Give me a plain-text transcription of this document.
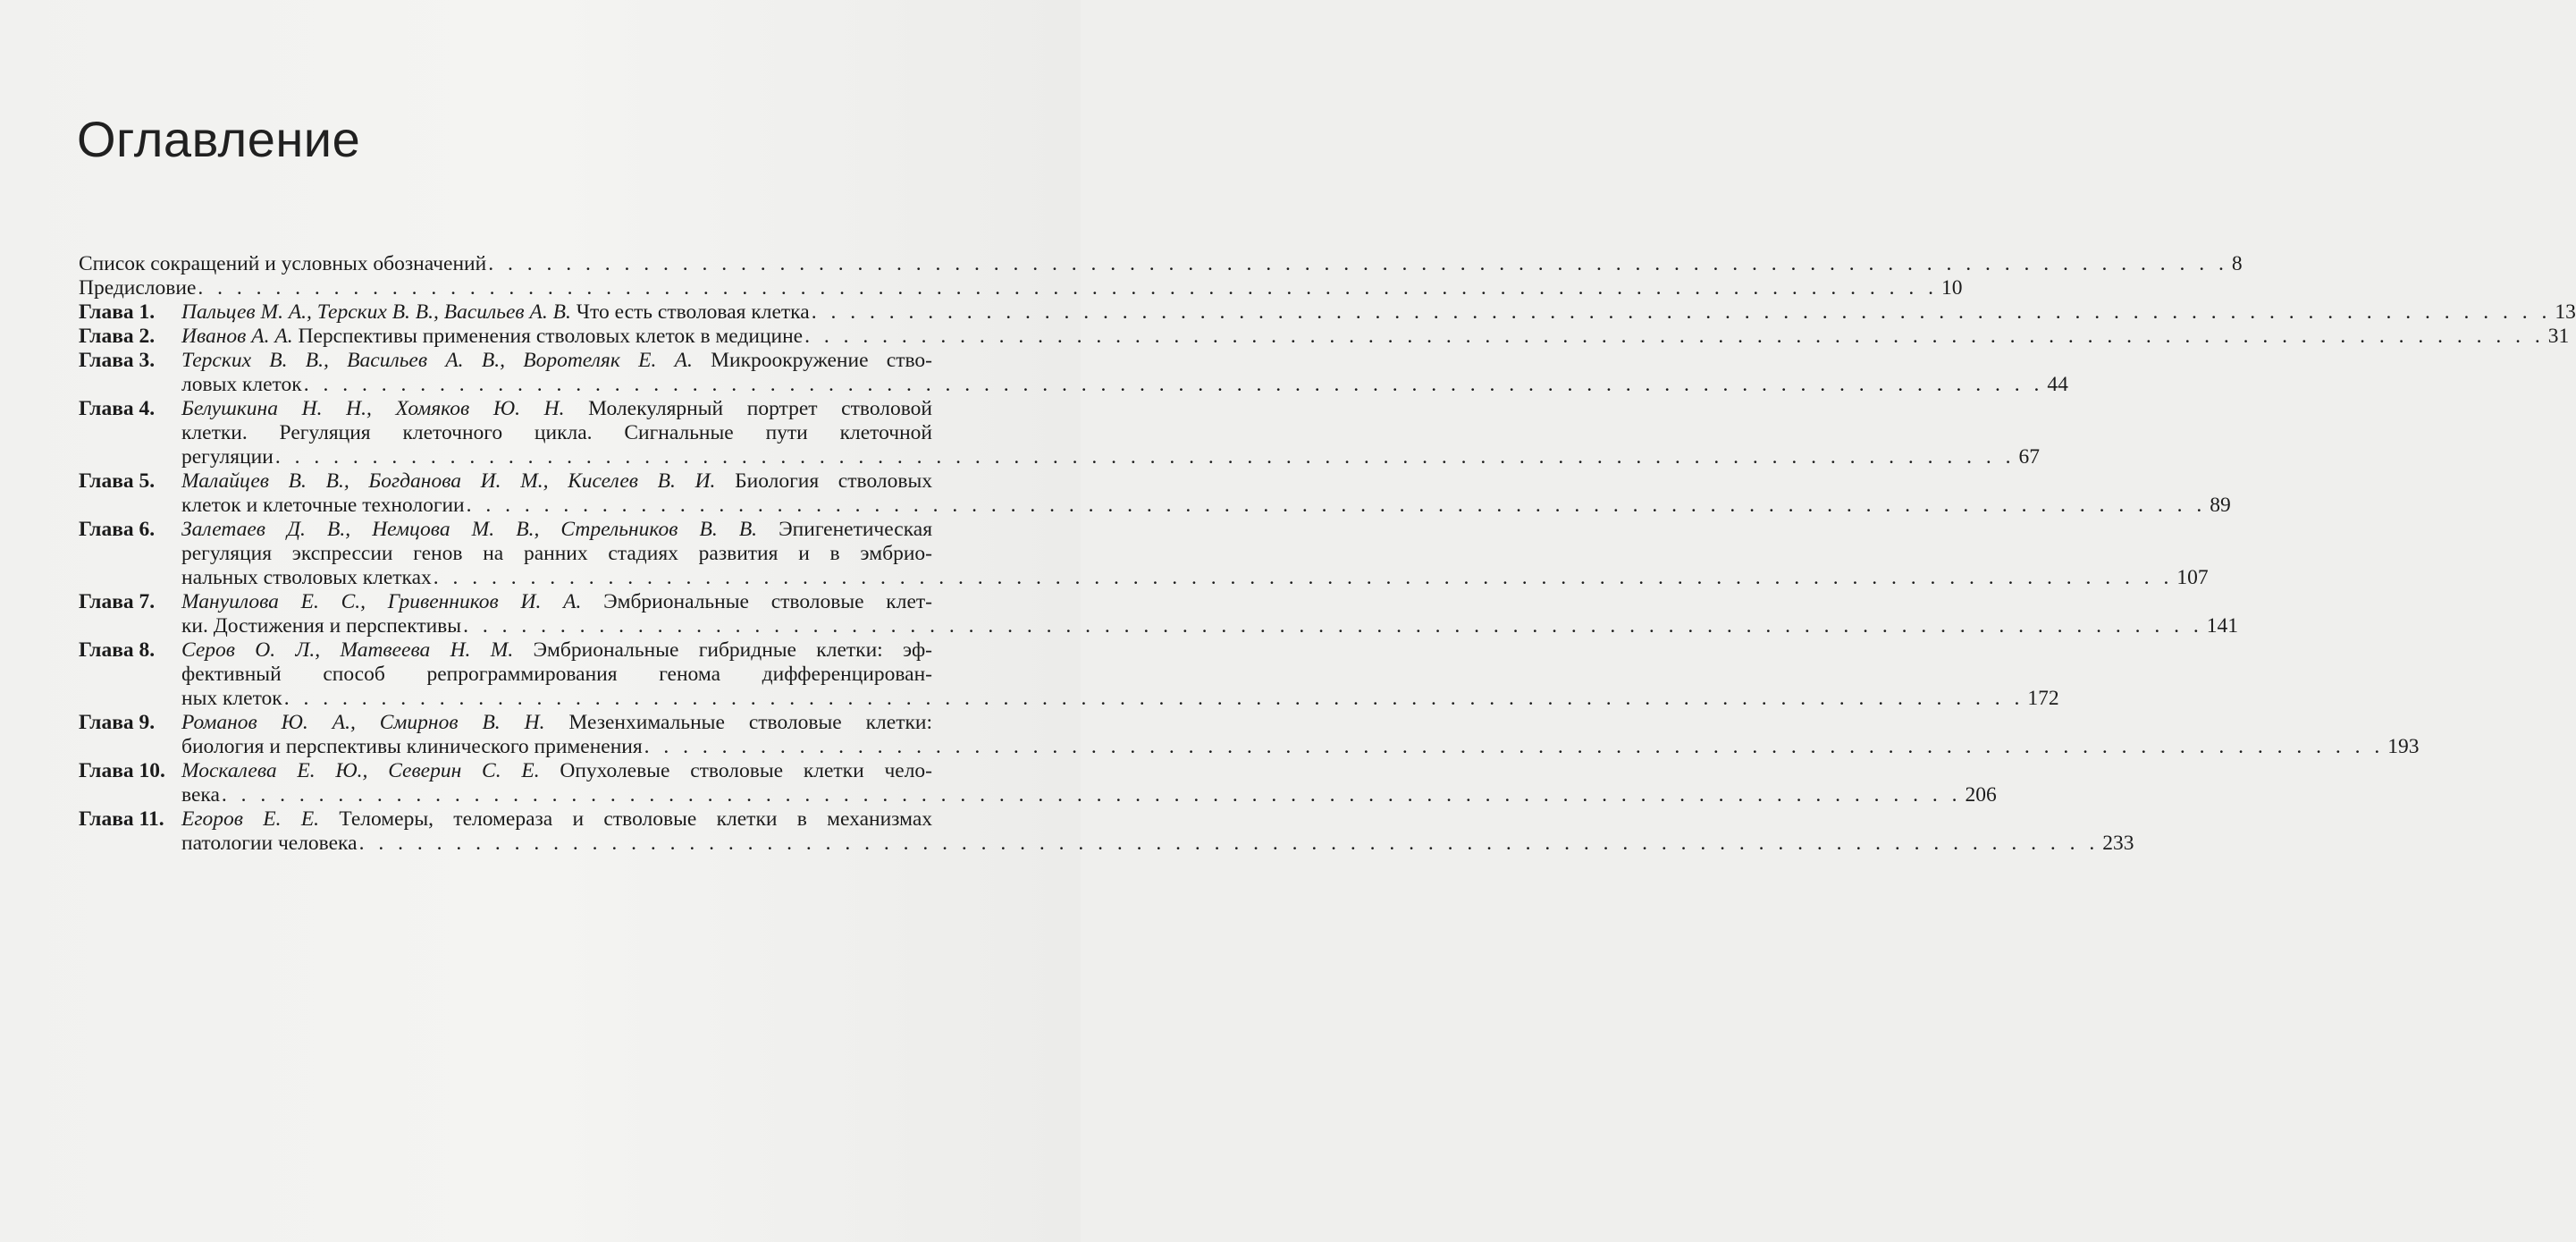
Оглавление
Список сокращений и условных обозначений . . . . . . . . . . . . . . . . . . . . . . . . . . . . . . . . . . . . . . . . . . . . . . . . . . . . . . . . . . . . . . . . . . . . . . . . . . . . . . . . . . . . . . . . . . 8
Предисловие . . . . . . . . . . . . . . . . . . . . . . . . . . . . . . . . . . . . . . . . . . . . . . . . . . . . . . . . . . . . . . . . . . . . . . . . . . . . . . . . . . . . . . . . . . 10
Глава 1.	Пальцев М. А., Терских В. В., Васильев А. В. Что есть стволовая клетка . . . . . . . . . . . . . . . . . . . . . . . . . . . . . . . . . . . . . . . . . . . . . . . . . . . . . . . . . . . . . . . . . . . . . . . . . . . . . . . . . . . . . . . . . . 13
Глава 2.	Иванов А. А. Перспективы применения стволовых клеток в медицине . . . . . . . . . . . . . . . . . . . . . . . . . . . . . . . . . . . . . . . . . . . . . . . . . . . . . . . . . . . . . . . . . . . . . . . . . . . . . . . . . . . . . . . . . . 31
Глава 3.	Терских В. В., Васильев А. В., Воротеляк Е. А. Микроокружение ство-
ловых клеток . . . . . . . . . . . . . . . . . . . . . . . . . . . . . . . . . . . . . . . . . . . . . . . . . . . . . . . . . . . . . . . . . . . . . . . . . . . . . . . . . . . . . . . . . . 44
Глава 4.	Белушкина Н. Н., Хомяков Ю. Н. Молекулярный портрет стволовой
клетки. Регуляция клеточного цикла. Сигнальные пути клеточной
регуляции . . . . . . . . . . . . . . . . . . . . . . . . . . . . . . . . . . . . . . . . . . . . . . . . . . . . . . . . . . . . . . . . . . . . . . . . . . . . . . . . . . . . . . . . . . 67
Глава 5.	Малайцев В. В., Богданова И. М., Киселев В. И. Биология стволовых
клеток и клеточные технологии . . . . . . . . . . . . . . . . . . . . . . . . . . . . . . . . . . . . . . . . . . . . . . . . . . . . . . . . . . . . . . . . . . . . . . . . . . . . . . . . . . . . . . . . . . 89
Глава 6.	Залетаев Д. В., Немцова М. В., Стрельников В. В. Эпигенетическая
регуляция экспрессии генов на ранних стадиях развития и в эмбрио-
нальных стволовых клетках . . . . . . . . . . . . . . . . . . . . . . . . . . . . . . . . . . . . . . . . . . . . . . . . . . . . . . . . . . . . . . . . . . . . . . . . . . . . . . . . . . . . . . . . . . 107
Глава 7.	Мануилова Е. С., Гривенников И. А. Эмбриональные стволовые клет-
ки. Достижения и перспективы . . . . . . . . . . . . . . . . . . . . . . . . . . . . . . . . . . . . . . . . . . . . . . . . . . . . . . . . . . . . . . . . . . . . . . . . . . . . . . . . . . . . . . . . . . 141
Глава 8.	Серов О. Л., Матвеева Н. М. Эмбриональные гибридные клетки: эф-
фективный способ репрограммирования генома дифференцирован-
ных клеток . . . . . . . . . . . . . . . . . . . . . . . . . . . . . . . . . . . . . . . . . . . . . . . . . . . . . . . . . . . . . . . . . . . . . . . . . . . . . . . . . . . . . . . . . . 172
Глава 9.	Романов Ю. А., Смирнов В. Н. Мезенхимальные стволовые клетки:
биология и перспективы клинического применения . . . . . . . . . . . . . . . . . . . . . . . . . . . . . . . . . . . . . . . . . . . . . . . . . . . . . . . . . . . . . . . . . . . . . . . . . . . . . . . . . . . . . . . . . . 193
Глава 10. Москалева Е. Ю., Северин С. Е. Опухолевые стволовые клетки чело-
века . . . . . . . . . . . . . . . . . . . . . . . . . . . . . . . . . . . . . . . . . . . . . . . . . . . . . . . . . . . . . . . . . . . . . . . . . . . . . . . . . . . . . . . . . . 206
Глава 11. Егоров Е. Е. Теломеры, теломераза и стволовые клетки в механизмах
патологии человека . . . . . . . . . . . . . . . . . . . . . . . . . . . . . . . . . . . . . . . . . . . . . . . . . . . . . . . . . . . . . . . . . . . . . . . . . . . . . . . . . . . . . . . . . . 233
